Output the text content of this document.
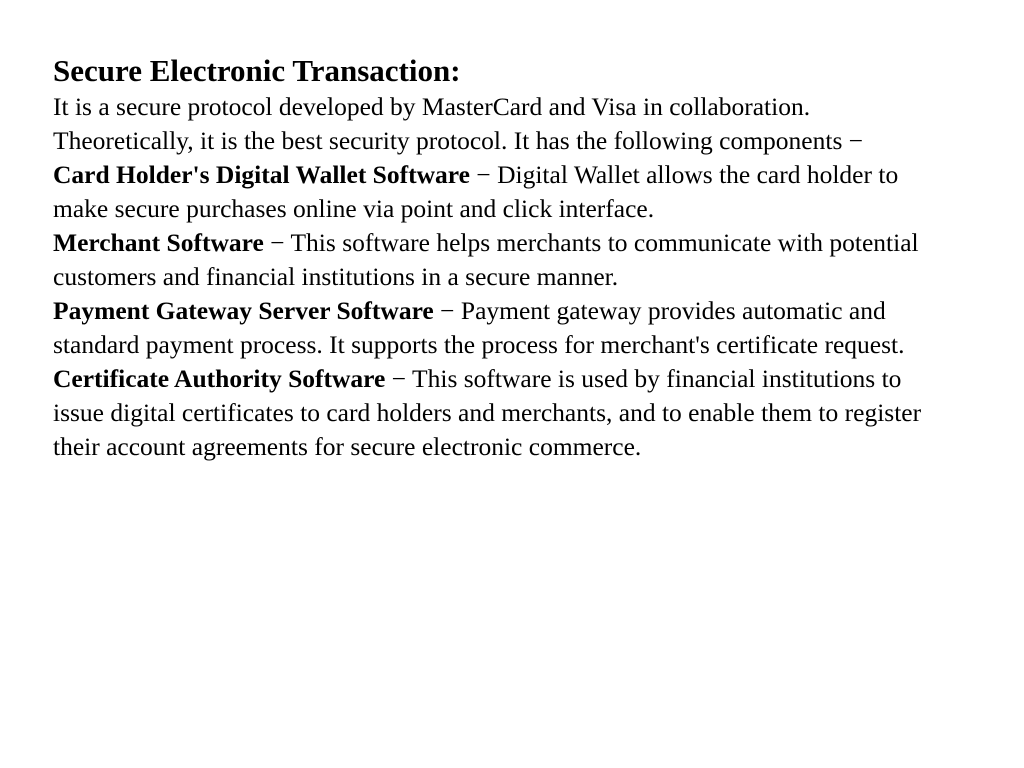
Secure Electronic Transaction:

It is a secure protocol developed by MasterCard and Visa in collaboration. Theoretically, it is the best security protocol. It has the following components −

Card Holder's Digital Wallet Software − Digital Wallet allows the card holder to make secure purchases online via point and click interface.

Merchant Software − This software helps merchants to communicate with potential customers and financial institutions in a secure manner.

Payment Gateway Server Software − Payment gateway provides automatic and standard payment process. It supports the process for merchant's certificate request.

Certificate Authority Software − This software is used by financial institutions to issue digital certificates to card holders and merchants, and to enable them to register their account agreements for secure electronic commerce.
